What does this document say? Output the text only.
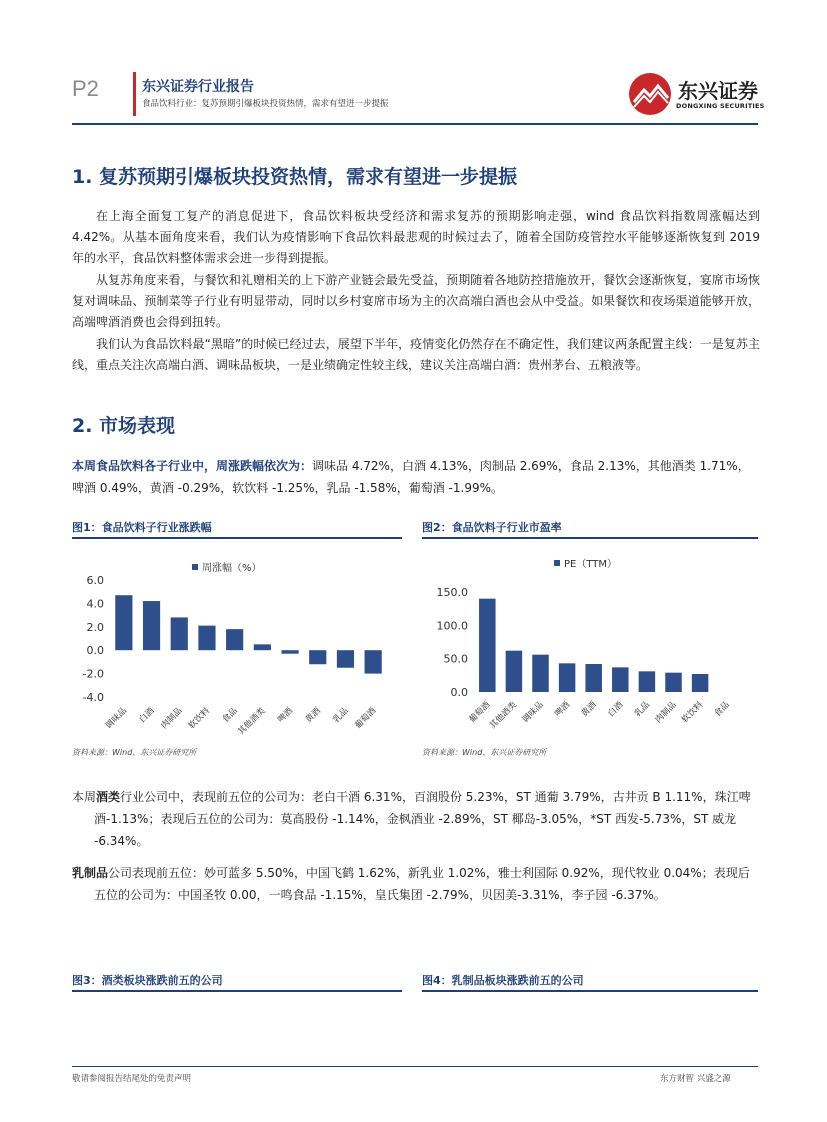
P2	东兴证券行业报告
食品饮料行业：复苏预期引爆板块投资热情，需求有望进一步提振
东兴证券
DONGXING SECURITIES
1. 复苏预期引爆板块投资热情，需求有望进一步提振
在上海全面复工复产的消息促进下，食品饮料板块受经济和需求复苏的预期影响走强，wind 食品饮料指数周涨幅达到 4.42%。从基本面角度来看，我们认为疫情影响下食品饮料最悲观的时候过去了，随着全国防疫管控水平能够逐渐恢复到 2019 年的水平，食品饮料整体需求会进一步得到提振。
从复苏角度来看，与餐饮和礼赠相关的上下游产业链会最先受益，预期随着各地防控措施放开，餐饮会逐渐恢复，宴席市场恢复对调味品、预制菜等子行业有明显带动，同时以乡村宴席市场为主的次高端白酒也会从中受益。如果餐饮和夜场渠道能够开放，高端啤酒消费也会得到扭转。
我们认为食品饮料最“黑暗”的时候已经过去，展望下半年，疫情变化仍然存在不确定性，我们建议两条配置主线：一是复苏主线，重点关注次高端白酒、调味品板块，一是业绩确定性较主线，建议关注高端白酒：贵州茅台、五粮液等。
2. 市场表现
本周食品饮料各子行业中，周涨跌幅依次为：调味品 4.72%，白酒 4.13%，肉制品 2.69%，食品 2.13%，其他酒类 1.71%，啤酒 0.49%，黄酒 -0.29%，软饮料 -1.25%，乳品 -1.58%，葡萄酒 -1.99%。
图1：食品饮料子行业涨跌幅
6.0
4.0
2.0
0.0
-2.0
-4.0
周涨幅（%）
调味品 白酒 肉制品 软饮料 食品
其他酒类 啤酒 黄酒 乳品 葡萄酒
资料来源：Wind、东兴证券研究所
图2：食品饮料子行业市盈率
150.0
100.0
50.0
0.0
PE（TTM）
葡萄酒
其他酒类 调味品 啤酒 黄酒 白酒 乳品 肉制品 软饮料 食品
资料来源：Wind、东兴证券研究所
本周酒类行业公司中，表现前五位的公司为：老白干酒 6.31%，百润股份 5.23%，ST 通葡 3.79%，古井贡 B 1.11%，珠江啤酒-1.13%；表现后五位的公司为：莫高股份 -1.14%，金枫酒业 -2.89%，ST 椰岛-3.05%，*ST 西发-5.73%，ST 威龙 -6.34%。
乳制品公司表现前五位：妙可蓝多 5.50%，中国飞鹤 1.62%，新乳业 1.02%，雅士利国际 0.92%，现代牧业 0.04%；表现后五位的公司为：中国圣牧 0.00，一鸣食品 -1.15%，皇氏集团 -2.79%，贝因美-3.31%，李子园 -6.37%。
图3：酒类板块涨跌前五的公司	图4：乳制品板块涨跌前五的公司
敬请参阅报告结尾处的免责声明	东方财智 兴盛之源
